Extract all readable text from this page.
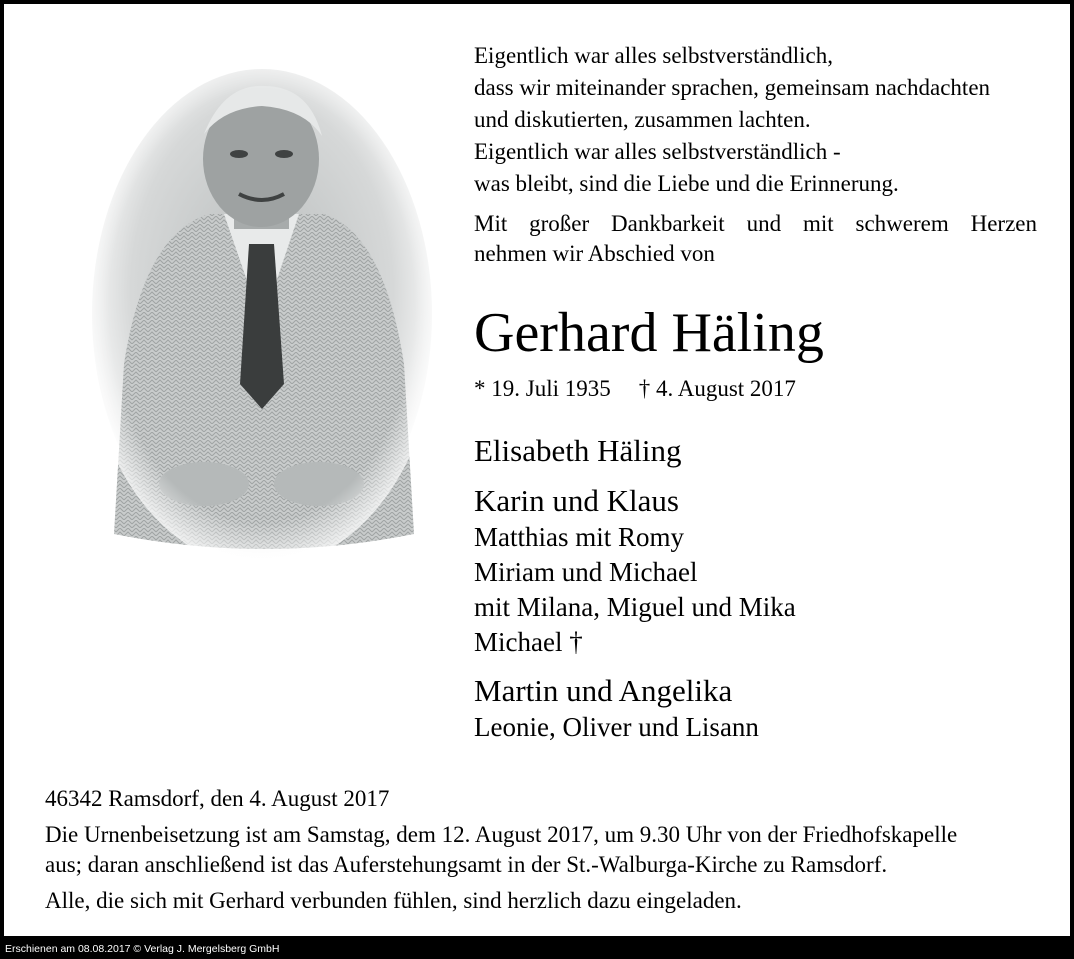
Eigentlich war alles selbstverständlich,
dass wir miteinander sprachen, gemeinsam nachdachten
und diskutierten, zusammen lachten.
Eigentlich war alles selbstverständlich -
was bleibt, sind die Liebe und die Erinnerung.
Mit großer Dankbarkeit und mit schwerem Herzen
nehmen wir Abschied von
Gerhard Häling
* 19. Juli 1935 † 4. August 2017
Elisabeth Häling
Karin und Klaus
Matthias mit Romy
Miriam und Michael
mit Milana, Miguel und Mika
Michael †
Martin und Angelika
Leonie, Oliver und Lisann
46342 Ramsdorf, den 4. August 2017
Die Urnenbeisetzung ist am Samstag, dem 12. August 2017, um 9.30 Uhr von der Friedhofskapelle
aus; daran anschließend ist das Auferstehungsamt in der St.-Walburga-Kirche zu Ramsdorf.
Alle, die sich mit Gerhard verbunden fühlen, sind herzlich dazu eingeladen.
Erschienen am 08.08.2017 © Verlag J. Mergelsberg GmbH
